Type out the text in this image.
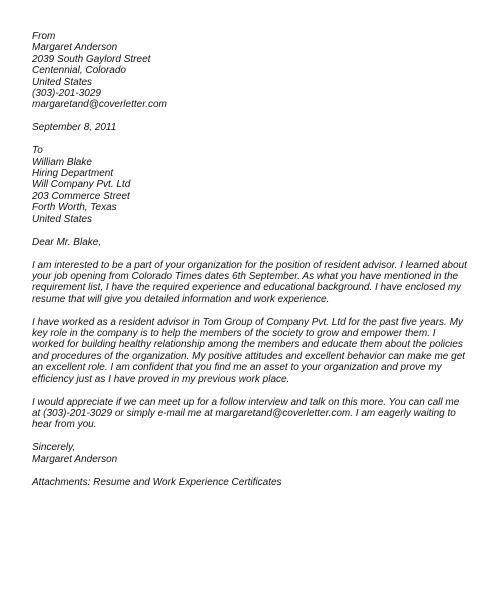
From
Margaret Anderson
2039 South Gaylord Street
Centennial, Colorado
United States
(303)-201-3029
margaretand@coverletter.com
September 8, 2011
To
William Blake
Hiring Department
Will Company Pvt. Ltd
203 Commerce Street
Forth Worth, Texas
United States
Dear Mr. Blake,
I am interested to be a part of your organization for the position of resident advisor. I learned about
your job opening from Colorado Times dates 6th September. As what you have mentioned in the
requirement list, I have the required experience and educational background. I have enclosed my
resume that will give you detailed information and work experience.
I have worked as a resident advisor in Tom Group of Company Pvt. Ltd for the past five years. My
key role in the company is to help the members of the society to grow and empower them. I
worked for building healthy relationship among the members and educate them about the policies
and procedures of the organization. My positive attitudes and excellent behavior can make me get
an excellent role. I am confident that you find me an asset to your organization and prove my
efficiency just as I have proved in my previous work place.
I would appreciate if we can meet up for a follow interview and talk on this more. You can call me
at (303)-201-3029 or simply e-mail me at margaretand@coverletter.com. I am eagerly waiting to
hear from you.
Sincerely,
Margaret Anderson
Attachments: Resume and Work Experience Certificates
